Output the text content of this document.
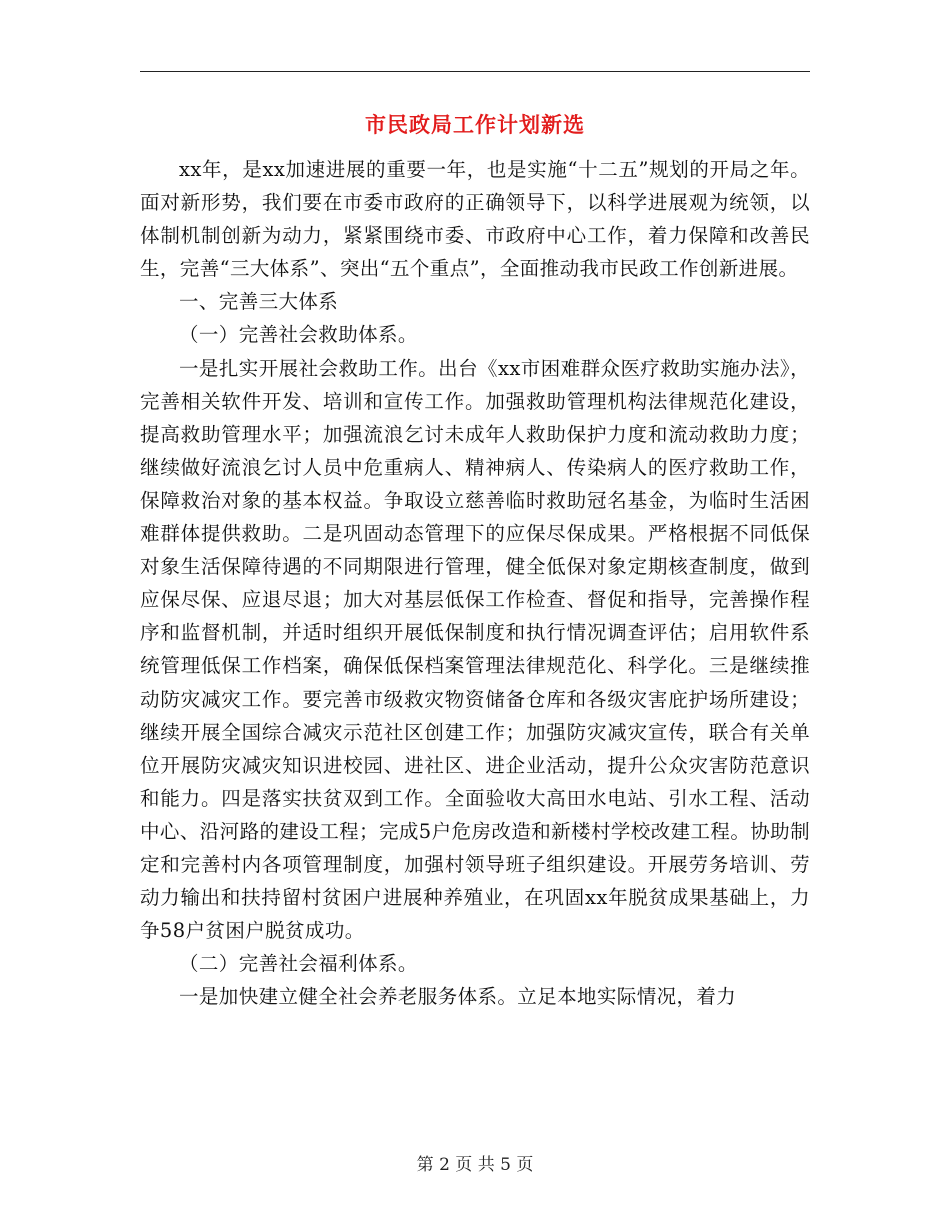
市民政局工作计划新选

xx年，是xx加速进展的重要一年，也是实施“十二五”规划的开局之年。面对新形势，我们要在市委市政府的正确领导下，以科学进展观为统领，以体制机制创新为动力，紧紧围绕市委、市政府中心工作，着力保障和改善民生，完善“三大体系”、突出“五个重点”，全面推动我市民政工作创新进展。

一、完善三大体系

（一）完善社会救助体系。

一是扎实开展社会救助工作。出台《xx市困难群众医疗救助实施办法》，完善相关软件开发、培训和宣传工作。加强救助管理机构法律规范化建设，提高救助管理水平；加强流浪乞讨未成年人救助保护力度和流动救助力度；继续做好流浪乞讨人员中危重病人、精神病人、传染病人的医疗救助工作，保障救治对象的基本权益。争取设立慈善临时救助冠名基金，为临时生活困难群体提供救助。二是巩固动态管理下的应保尽保成果。严格根据不同低保对象生活保障待遇的不同期限进行管理，健全低保对象定期核查制度，做到应保尽保、应退尽退；加大对基层低保工作检查、督促和指导，完善操作程序和监督机制，并适时组织开展低保制度和执行情况调查评估；启用软件系统管理低保工作档案，确保低保档案管理法律规范化、科学化。三是继续推动防灾减灾工作。要完善市级救灾物资储备仓库和各级灾害庇护场所建设；继续开展全国综合减灾示范社区创建工作；加强防灾减灾宣传，联合有关单位开展防灾减灾知识进校园、进社区、进企业活动，提升公众灾害防范意识和能力。四是落实扶贫双到工作。全面验收大高田水电站、引水工程、活动中心、沿河路的建设工程；完成5户危房改造和新楼村学校改建工程。协助制定和完善村内各项管理制度，加强村领导班子组织建设。开展劳务培训、劳动力输出和扶持留村贫困户进展种养殖业，在巩固xx年脱贫成果基础上，力争58户贫困户脱贫成功。

（二）完善社会福利体系。

一是加快建立健全社会养老服务体系。立足本地实际情况，着力

第 2 页 共 5 页
